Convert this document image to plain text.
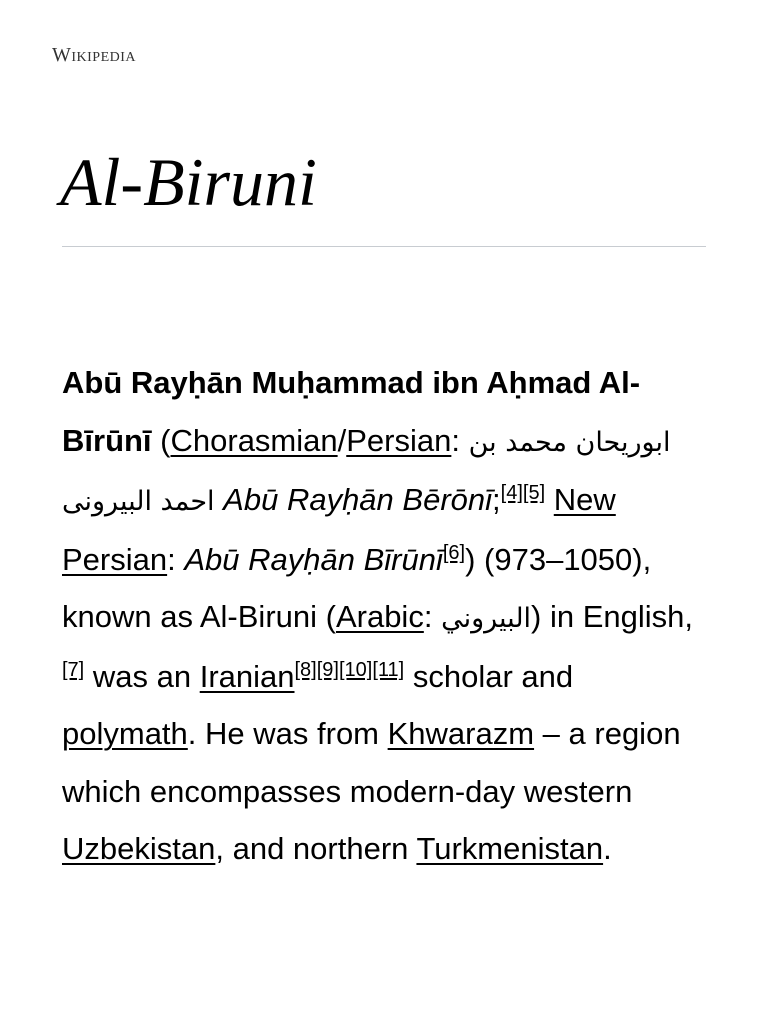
Wikipedia
Al-Biruni

Abū Rayḥān Muḥammad ibn Aḥmad Al-Bīrūnī (Chorasmian/Persian: ابوریحان محمد بن احمد البیرونی Abū Rayḥān Bērōnī;[4][5] New Persian: Abū Rayḥān Bīrūnī[6]) (973–1050), known as Al-Biruni (Arabic: البيروني) in English,[7] was an Iranian[8][9][10][11] scholar and polymath. He was from Khwarazm – a region which encompasses modern-day western Uzbekistan, and northern Turkmenistan.
